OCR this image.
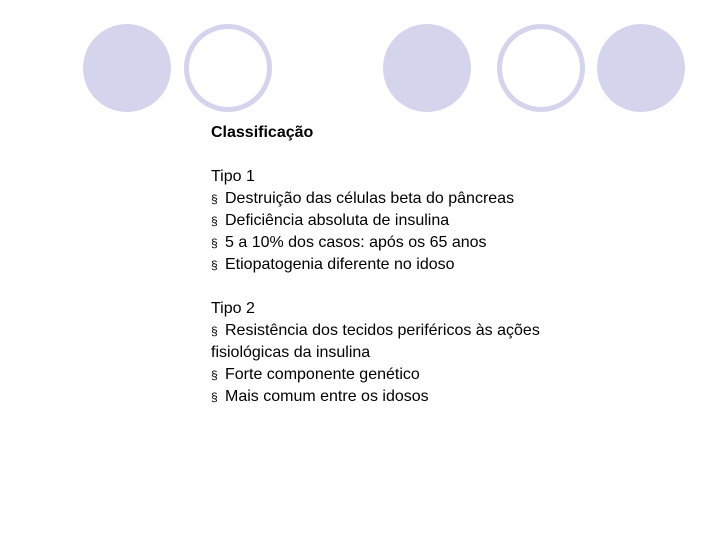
Classificação

Tipo 1

§ Destruição das células beta do pâncreas
§ Deficiência absoluta de insulina
§ 5 a 10% dos casos: após os 65 anos
§ Etiopatogenia diferente no idoso

Tipo 2

§ Resistência dos tecidos periféricos às ações fisiológicas da insulina
§ Forte componente genético
§ Mais comum entre os idosos
